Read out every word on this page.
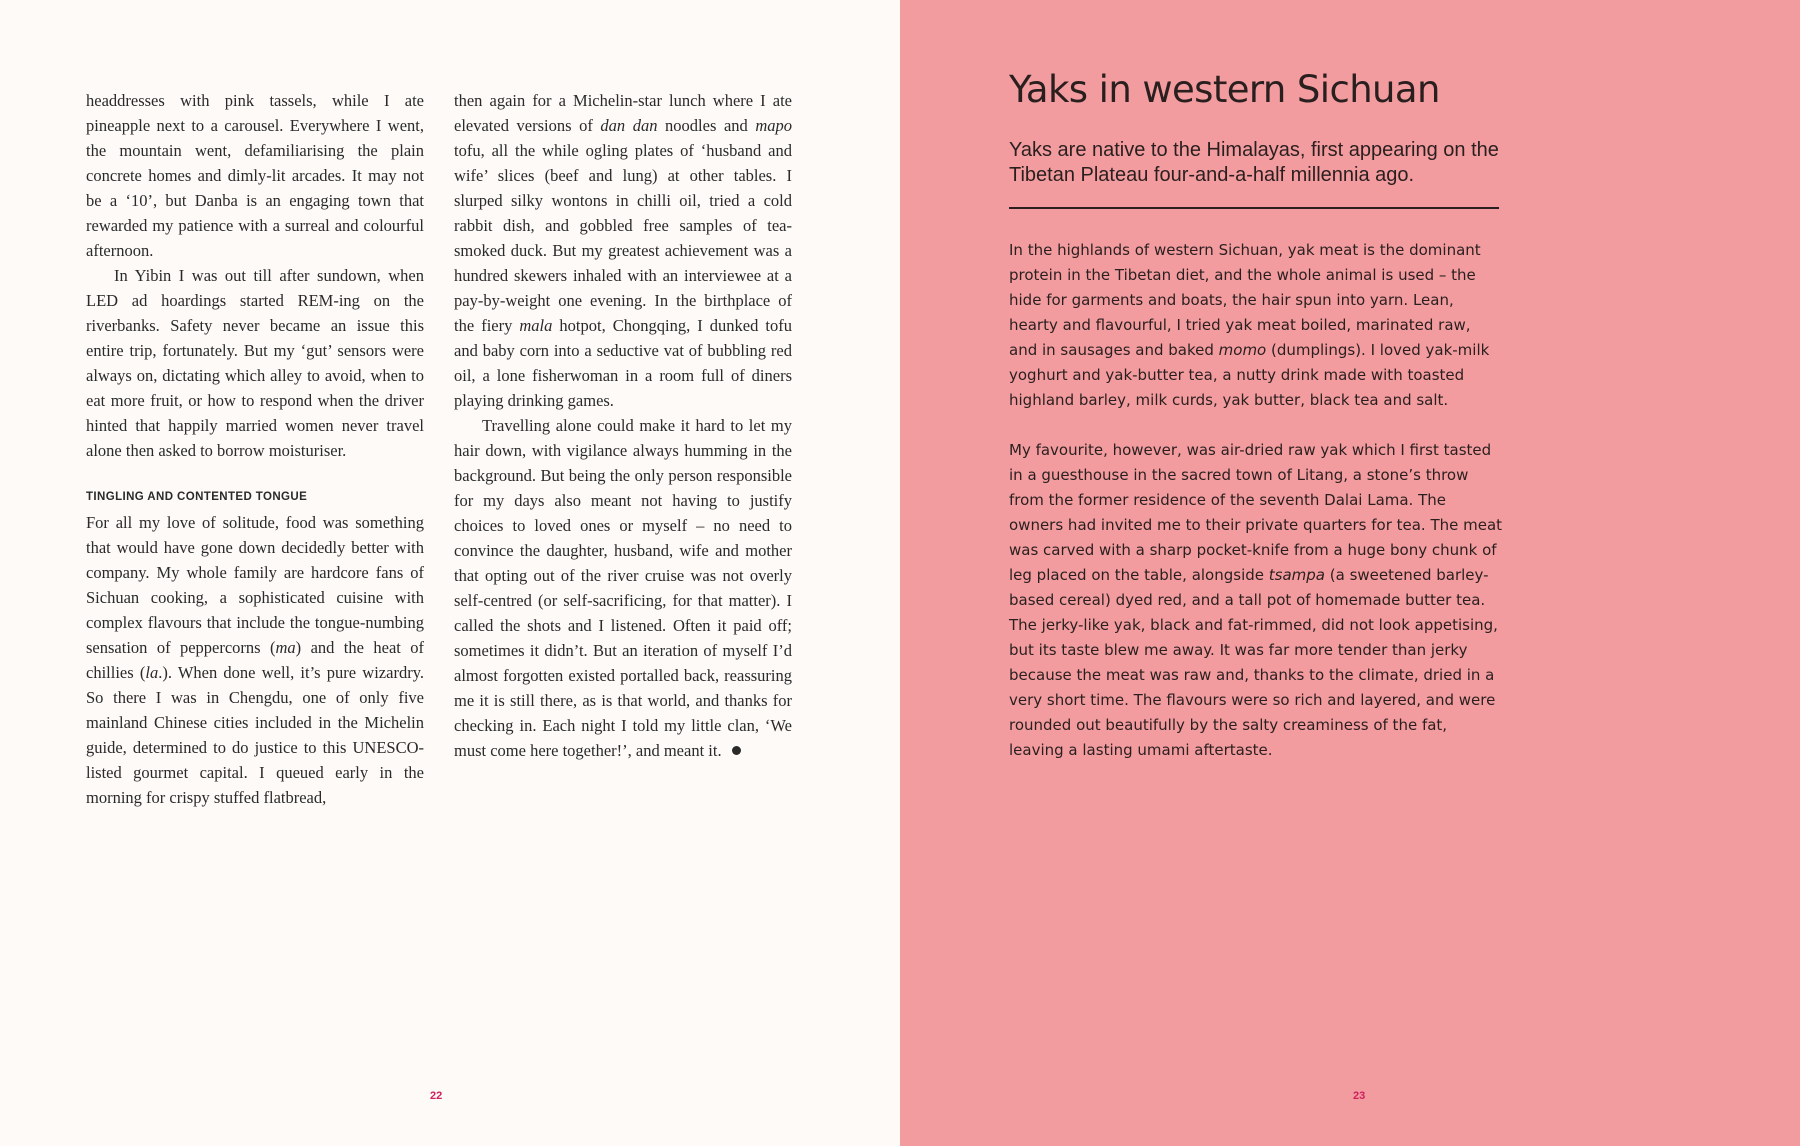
headdresses with pink tassels, while I ate pineapple next to a carousel. Everywhere I went, the mountain went, defamiliarising the plain concrete homes and dimly-lit arcades. It may not be a ‘10’, but Danba is an engaging town that rewarded my patience with a surreal and colourful afternoon.

In Yibin I was out till after sundown, when LED ad hoardings started REM-ing on the riverbanks. Safety never became an issue this entire trip, fortunately. But my ‘gut’ sensors were always on, dictating which alley to avoid, when to eat more fruit, or how to respond when the driver hinted that happily married women never travel alone then asked to borrow moisturiser.

TINGLING AND CONTENTED TONGUE

For all my love of solitude, food was something that would have gone down decidedly better with company. My whole family are hardcore fans of Sichuan cooking, a sophisticated cuisine with complex flavours that include the tongue-numbing sensation of peppercorns (ma) and the heat of chillies (la.). When done well, it’s pure wizardry. So there I was in Chengdu, one of only five mainland Chinese cities included in the Michelin guide, determined to do justice to this UNESCO-listed gourmet capital. I queued early in the morning for crispy stuffed flatbread,

then again for a Michelin-star lunch where I ate elevated versions of dan dan noodles and mapo tofu, all the while ogling plates of ‘husband and wife’ slices (beef and lung) at other tables. I slurped silky wontons in chilli oil, tried a cold rabbit dish, and gobbled free samples of tea-smoked duck. But my greatest achievement was a hundred skewers inhaled with an interviewee at a pay-by-weight one evening. In the birthplace of the fiery mala hotpot, Chongqing, I dunked tofu and baby corn into a seductive vat of bubbling red oil, a lone fisherwoman in a room full of diners playing drinking games.

Travelling alone could make it hard to let my hair down, with vigilance always humming in the background. But being the only person responsible for my days also meant not having to justify choices to loved ones or myself – no need to convince the daughter, husband, wife and mother that opting out of the river cruise was not overly self-centred (or self-sacrificing, for that matter). I called the shots and I listened. Often it paid off; sometimes it didn’t. But an iteration of myself I’d almost forgotten existed portalled back, reassuring me it is still there, as is that world, and thanks for checking in. Each night I told my little clan, ‘We must come here together!’, and meant it.

22
Yaks in western Sichuan

Yaks are native to the Himalayas, first appearing on the Tibetan Plateau four-and-a-half millennia ago.

In the highlands of western Sichuan, yak meat is the dominant protein in the Tibetan diet, and the whole animal is used – the hide for garments and boats, the hair spun into yarn. Lean, hearty and flavourful, I tried yak meat boiled, marinated raw, and in sausages and baked momo (dumplings). I loved yak-milk yoghurt and yak-butter tea, a nutty drink made with toasted highland barley, milk curds, yak butter, black tea and salt.

My favourite, however, was air-dried raw yak which I first tasted in a guesthouse in the sacred town of Litang, a stone’s throw from the former residence of the seventh Dalai Lama. The owners had invited me to their private quarters for tea. The meat was carved with a sharp pocket-knife from a huge bony chunk of leg placed on the table, alongside tsampa (a sweetened barley-based cereal) dyed red, and a tall pot of homemade butter tea. The jerky-like yak, black and fat-rimmed, did not look appetising, but its taste blew me away. It was far more tender than jerky because the meat was raw and, thanks to the climate, dried in a very short time. The flavours were so rich and layered, and were rounded out beautifully by the salty creaminess of the fat, leaving a lasting umami aftertaste.

23
